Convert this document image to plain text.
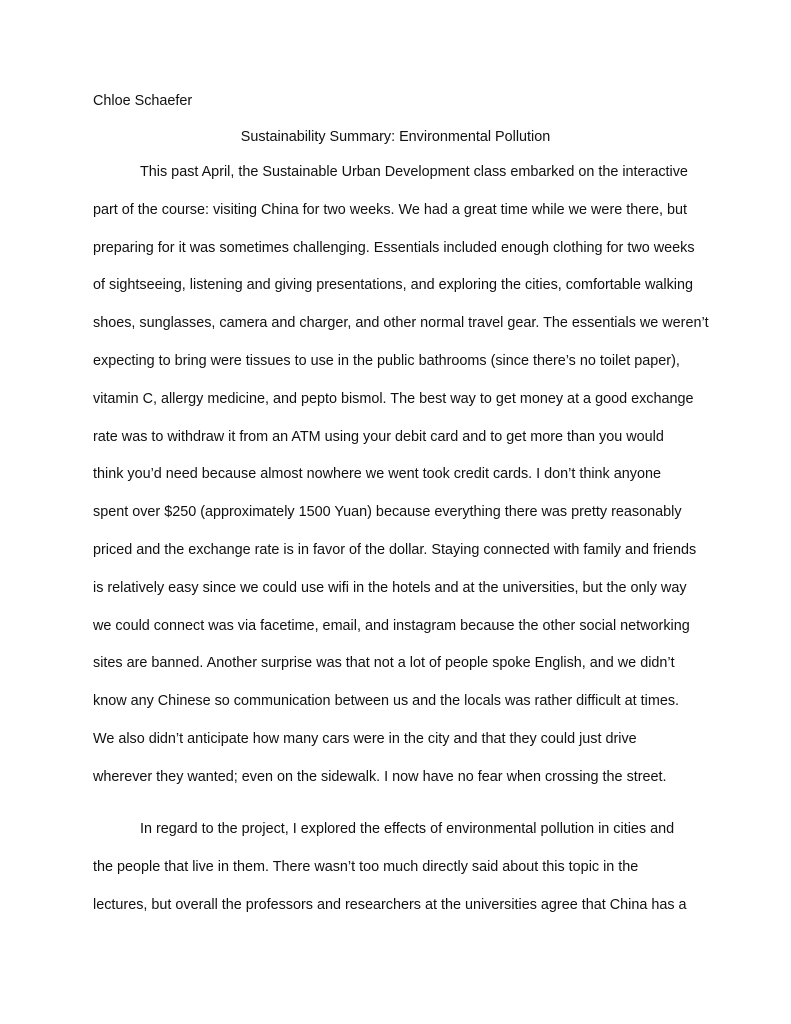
Chloe Schaefer
Sustainability Summary: Environmental Pollution
This past April, the Sustainable Urban Development class embarked on the interactive
part of the course: visiting China for two weeks. We had a great time while we were there, but
preparing for it was sometimes challenging. Essentials included enough clothing for two weeks
of sightseeing, listening and giving presentations, and exploring the cities, comfortable walking
shoes, sunglasses, camera and charger, and other normal travel gear. The essentials we weren’t
expecting to bring were tissues to use in the public bathrooms (since there’s no toilet paper),
vitamin C, allergy medicine, and pepto bismol. The best way to get money at a good exchange
rate was to withdraw it from an ATM using your debit card and to get more than you would
think you’d need because almost nowhere we went took credit cards. I don’t think anyone
spent over $250 (approximately 1500 Yuan) because everything there was pretty reasonably
priced and the exchange rate is in favor of the dollar. Staying connected with family and friends
is relatively easy since we could use wifi in the hotels and at the universities, but the only way
we could connect was via facetime, email, and instagram because the other social networking
sites are banned. Another surprise was that not a lot of people spoke English, and we didn’t
know any Chinese so communication between us and the locals was rather difficult at times.
We also didn’t anticipate how many cars were in the city and that they could just drive
wherever they wanted; even on the sidewalk. I now have no fear when crossing the street.
In regard to the project, I explored the effects of environmental pollution in cities and
the people that live in them. There wasn’t too much directly said about this topic in the
lectures, but overall the professors and researchers at the universities agree that China has a
